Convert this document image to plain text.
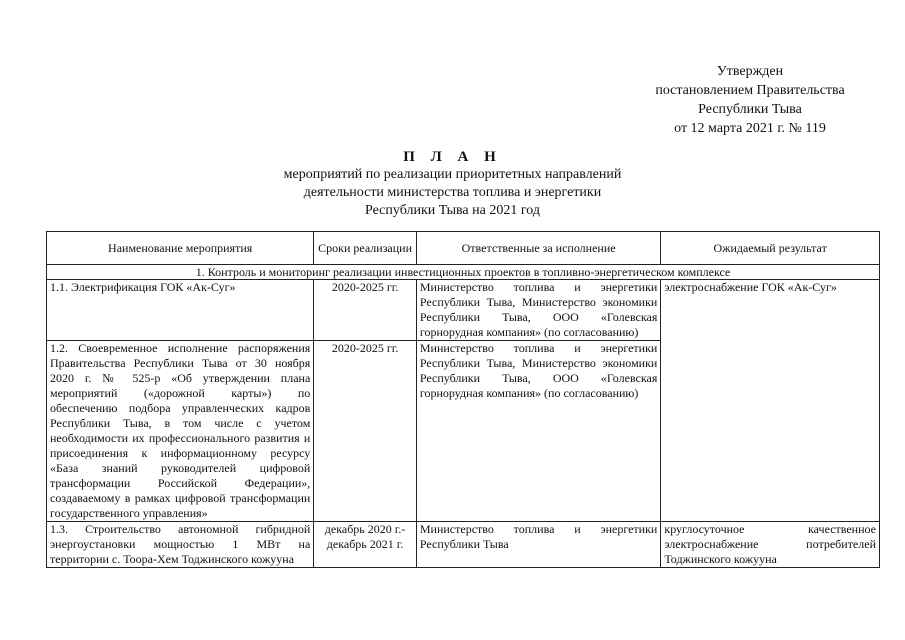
Утвержден
постановлением Правительства
Республики Тыва
от 12 марта 2021 г. № 119
П Л А Н
мероприятий по реализации приоритетных направлений
деятельности министерства топлива и энергетики
Республики Тыва на 2021 год
Наименование мероприятия	Сроки реализации	Ответственные за исполнение	Ожидаемый результат
1. Контроль и мониторинг реализации инвестиционных проектов в топливно-энергетическом комплексе			
1.1. Электрификация ГОК «Ак-Суг»	2020-2025 гг.	Министерство топлива и энергетики Республики Тыва, Министерство экономики Республики Тыва, ООО «Голевская горнорудная компания» (по согласованию)	электроснабжение ГОК «Ак-Суг»
1.2. Своевременное исполнение распоряжения Правительства Республики Тыва от 30 ноября 2020 г. № 525-р «Об утверждении плана мероприятий («дорожной карты») по обеспечению подбора управленческих кадров Республики Тыва, в том числе с учетом необходимости их профессионального развития и присоединения к информационному ресурсу «База знаний руководителей цифровой трансформации Российской Федерации», создаваемому в рамках цифровой трансформации государственного управления»	2020-2025 гг.	Министерство топлива и энергетики Республики Тыва, Министерство экономики Республики Тыва, ООО «Голевская горнорудная компания» (по согласованию)	
1.3. Строительство автономной гибридной энергоустановки мощностью 1 МВт на территории с. Тоора-Хем Тоджинского кожууна	декабрь 2020 г.-декабрь 2021 г.	Министерство топлива и энергетики Республики Тыва	круглосуточное качественное электроснабжение потребителей Тоджинского кожууна
